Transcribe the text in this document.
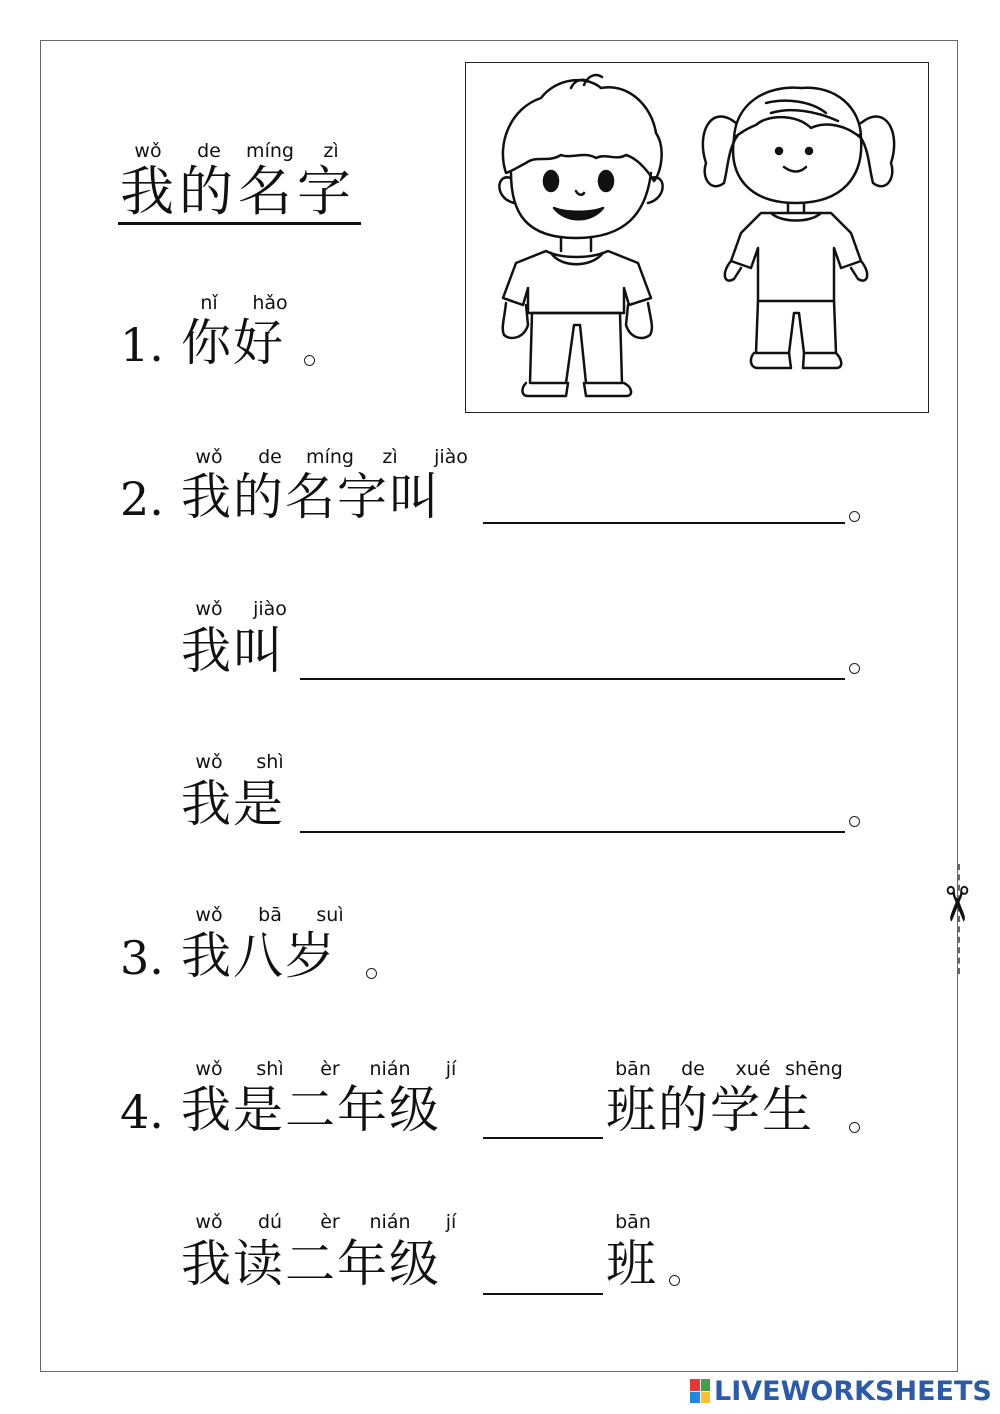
✂
wǒ de míng zì
我的名字
nǐ hǎo
1. 你好
wǒ de míng zì jiào
2. 我的名字叫
wǒ jiào
我叫
wǒ shì
我是
wǒ bā suì
3. 我八岁
wǒ shì èr nián jí	bān de xué shēng
4. 我是二年级	班的学生
wǒ dú èr nián jí	bān
我读二年级	班
LIVEWORKSHEETS
